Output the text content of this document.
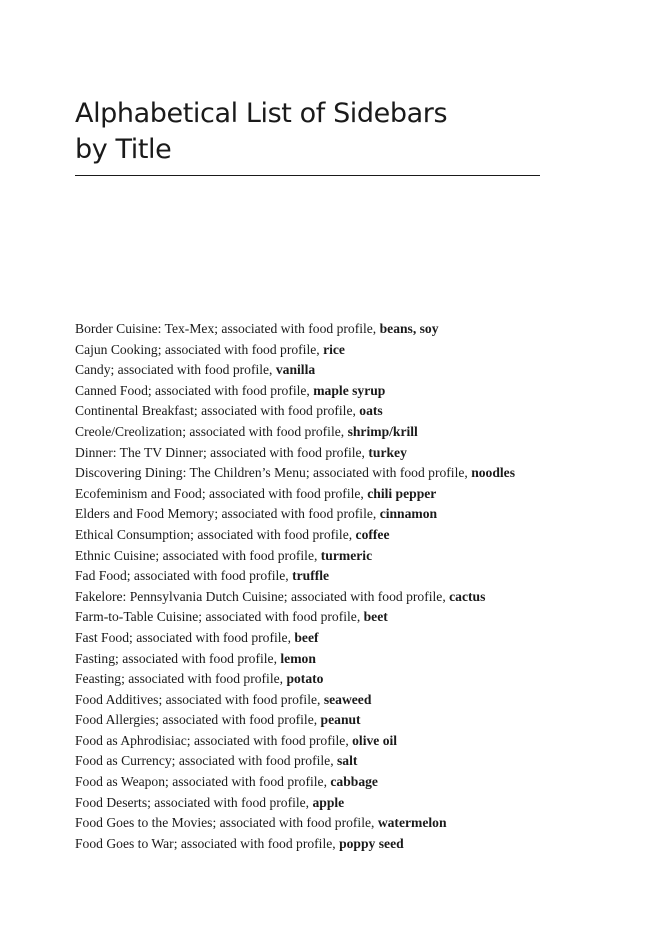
Alphabetical List of Sidebars
by Title
Border Cuisine: Tex-Mex; associated with food profile, beans, soy
Cajun Cooking; associated with food profile, rice
Candy; associated with food profile, vanilla
Canned Food; associated with food profile, maple syrup
Continental Breakfast; associated with food profile, oats
Creole/Creolization; associated with food profile, shrimp/krill
Dinner: The TV Dinner; associated with food profile, turkey
Discovering Dining: The Children’s Menu; associated with food profile, noodles
Ecofeminism and Food; associated with food profile, chili pepper
Elders and Food Memory; associated with food profile, cinnamon
Ethical Consumption; associated with food profile, coffee
Ethnic Cuisine; associated with food profile, turmeric
Fad Food; associated with food profile, truffle
Fakelore: Pennsylvania Dutch Cuisine; associated with food profile, cactus
Farm-to-Table Cuisine; associated with food profile, beet
Fast Food; associated with food profile, beef
Fasting; associated with food profile, lemon
Feasting; associated with food profile, potato
Food Additives; associated with food profile, seaweed
Food Allergies; associated with food profile, peanut
Food as Aphrodisiac; associated with food profile, olive oil
Food as Currency; associated with food profile, salt
Food as Weapon; associated with food profile, cabbage
Food Deserts; associated with food profile, apple
Food Goes to the Movies; associated with food profile, watermelon
Food Goes to War; associated with food profile, poppy seed
